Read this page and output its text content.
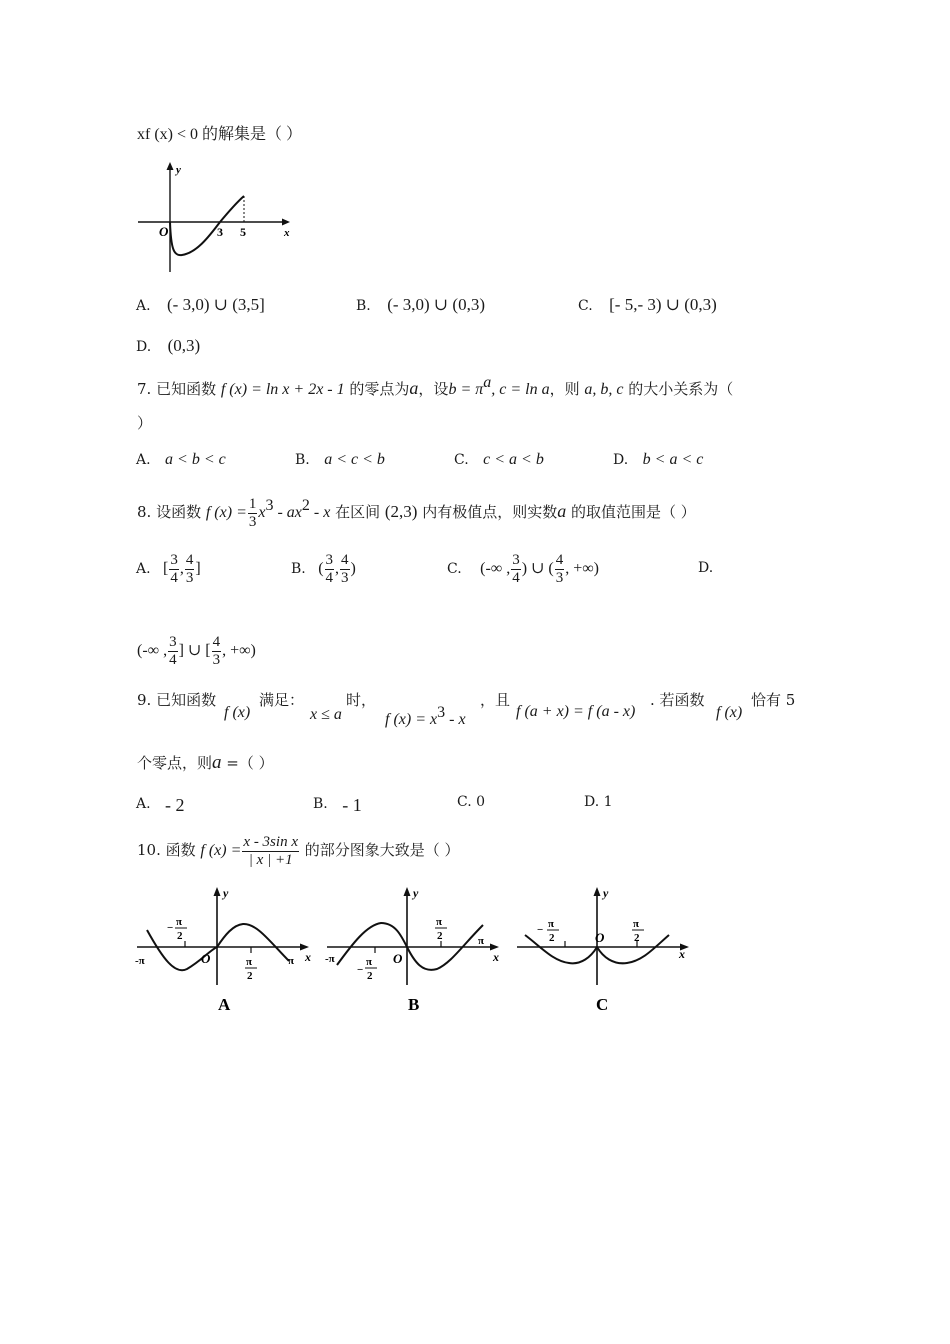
xf (x) < 0 的解集是（ ）
y
x
O	3 5
A. (- 3,0) ∪ (3,5]	B. (- 3,0) ∪ (0,3)	C. [- 5,- 3) ∪ (0,3)
D. (0,3)
7. 已知函数 f (x) = ln x + 2x - 1 的零点为a，设$b = \pi^a$, c = ln a，则 a, b, c 的大小关系为（
）
A. a < b < c	B. a < c < b	C. c < a < b	D. b < a < c
8. 设函数 f $(x) = \frac{1}{3} x^3 - ax^2 - x$ 在区间 (2,3) 内有极值点，则实数a 的取值范围是（ ）
A. [ $\frac{3}{4}$ , $\frac{4}{3}$ ]	B. ( $\frac{3}{4}$ , $\frac{4}{3}$ )	C. (-∞ , $\frac{3}{4}$ ) ∪ ( $\frac{4}{3}$ , +∞)	D.
(-∞ , $\frac{3}{4}$ ] ∪ [ $\frac{4}{3}$ , +∞)
9. 已知函数
f (x)
满足：
x ≤ a
时，
f $(x) = x^3 - x$
，且
f (a + x) = f (a - x)
. 若函数
f (x)
恰有 5
个零点，则a =（ ）
A. - 2	B. - 1	C. 0	D. 1
10. 函数 f $(x) = \frac{\text{x - 3sin x}}{| x | +1}$ 的部分图象大致是（ ）
y
x
O
-π	π
− π
2
π
2
A
y
x
O
-π
π
−
π
2
π
2
B
y
x
O
− π
2
π
2
C
